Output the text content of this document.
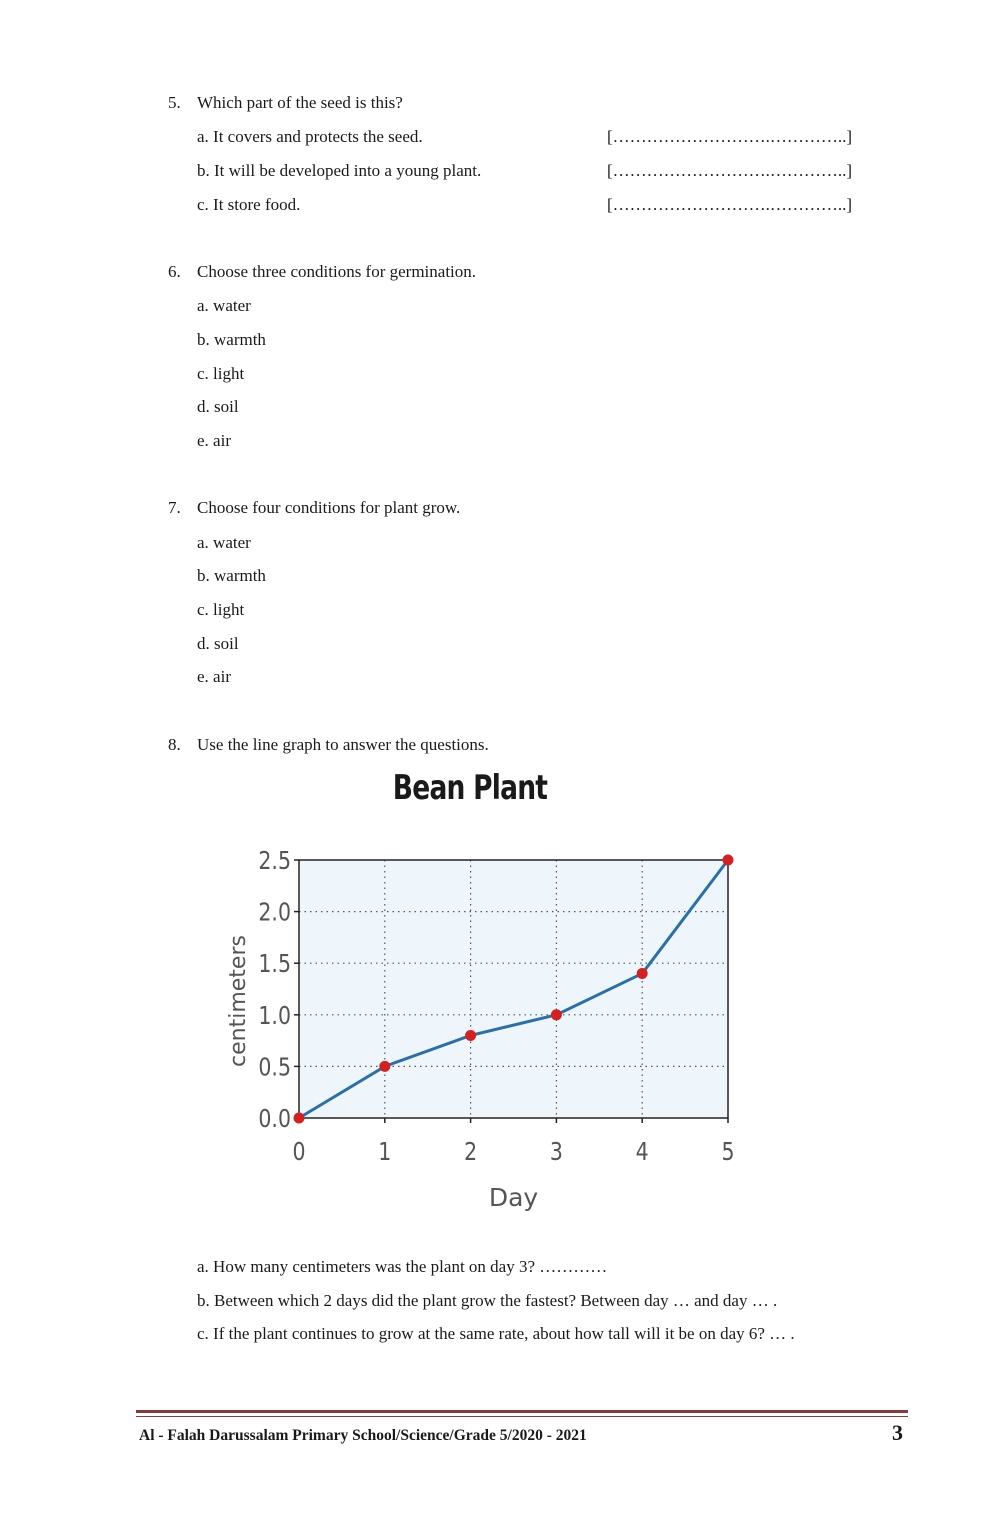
5. Which part of the seed is this?
a. It covers and protects the seed.	[……………………….…………..]
b. It will be developed into a young plant.	[……………………….…………..]
c. It store food.	[……………………….…………..]
6. Choose three conditions for germination.
a. water
b. warmth
c. light
d. soil
e. air
7. Choose four conditions for plant grow.
a. water
b. warmth
c. light
d. soil
e. air
8. Use the line graph to answer the questions.
Bean Plant
0.0
0.5
1.0
1.5
2.0
2.5
0	1	2	3	4	5
Day
centimeters
a. How many centimeters was the plant on day 3? …………
b. Between which 2 days did the plant grow the fastest? Between day … and day … .
c. If the plant continues to grow at the same rate, about how tall will it be on day 6? … .
Al - Falah Darussalam Primary School/Science/Grade 5/2020 - 2021	3
